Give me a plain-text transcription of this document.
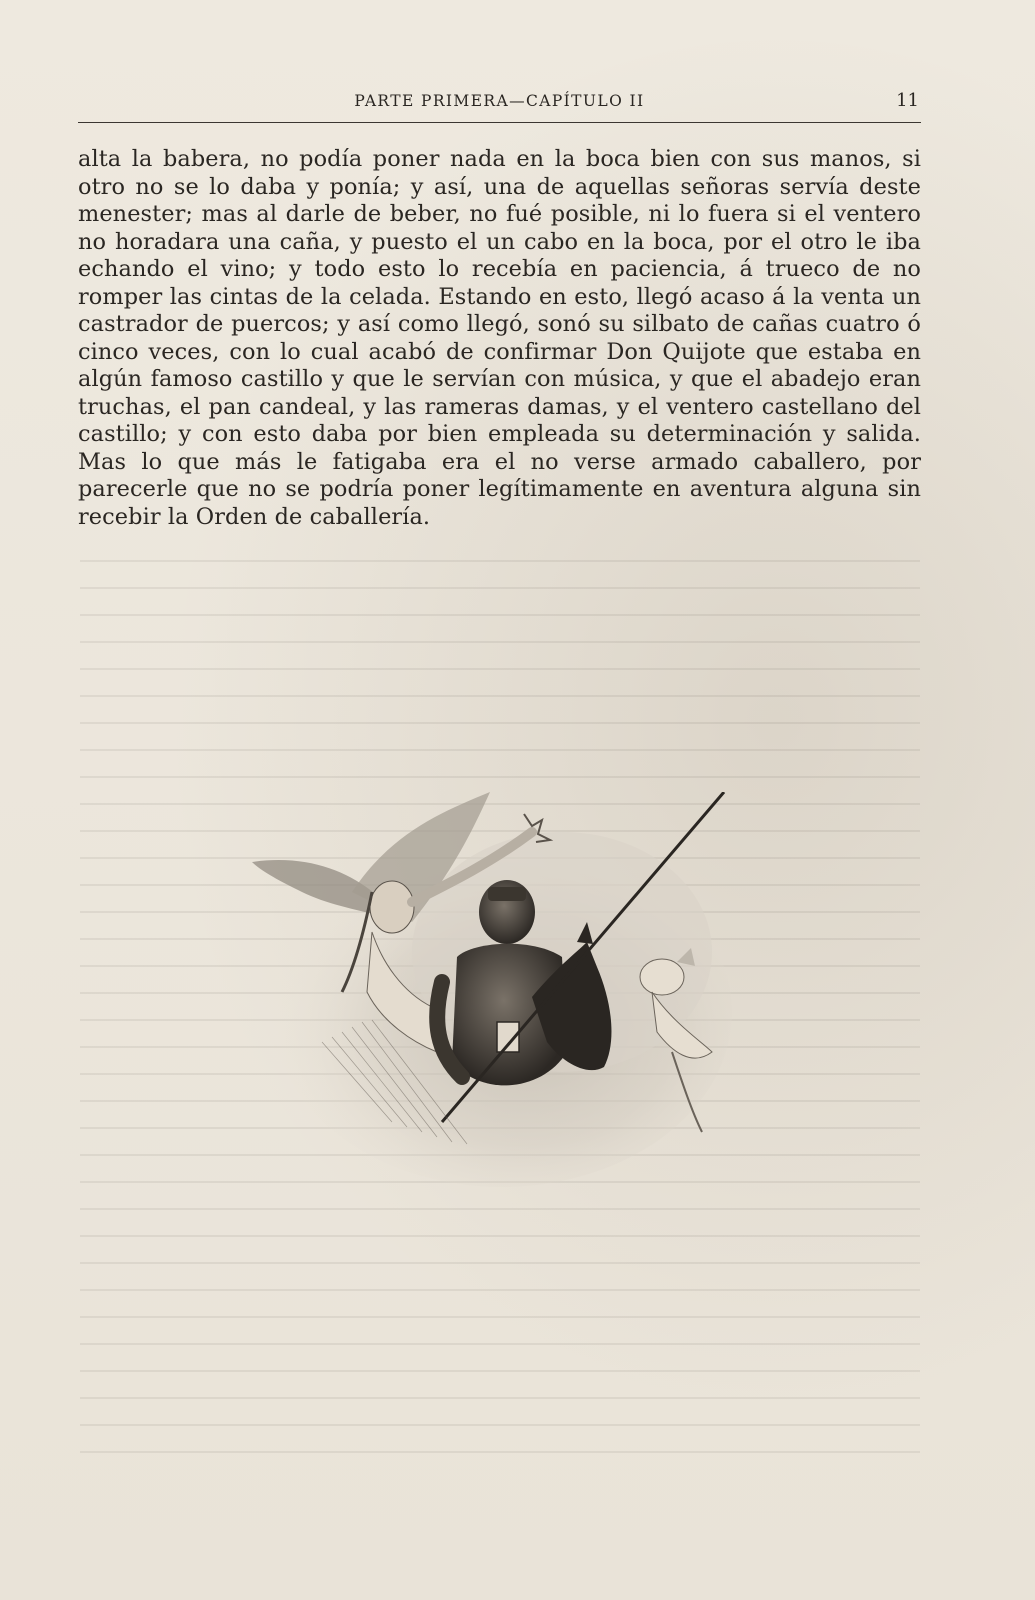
PARTE PRIMERA—CAPÍTULO II	11

alta la babera, no podía poner nada en la boca bien con sus manos, si otro no se lo daba y ponía; y así, una de aquellas señoras servía deste menester; mas al darle de beber, no fué posible, ni lo fuera si el ventero no horadara una caña, y puesto el un cabo en la boca, por el otro le iba echando el vino; y todo esto lo recebía en paciencia, á trueco de no romper las cintas de la celada. Estando en esto, llegó acaso á la venta un castrador de puercos; y así como llegó, sonó su silbato de cañas cuatro ó cinco veces, con lo cual acabó de confirmar Don Quijote que estaba en algún famoso castillo y que le servían con música, y que el abadejo eran truchas, el pan candeal, y las rameras damas, y el ventero castellano del castillo; y con esto daba por bien empleada su determinación y salida. Mas lo que más le fatigaba era el no verse armado caballero, por parecerle que no se podría poner legítimamente en aventura alguna sin recebir la Orden de caballería.
